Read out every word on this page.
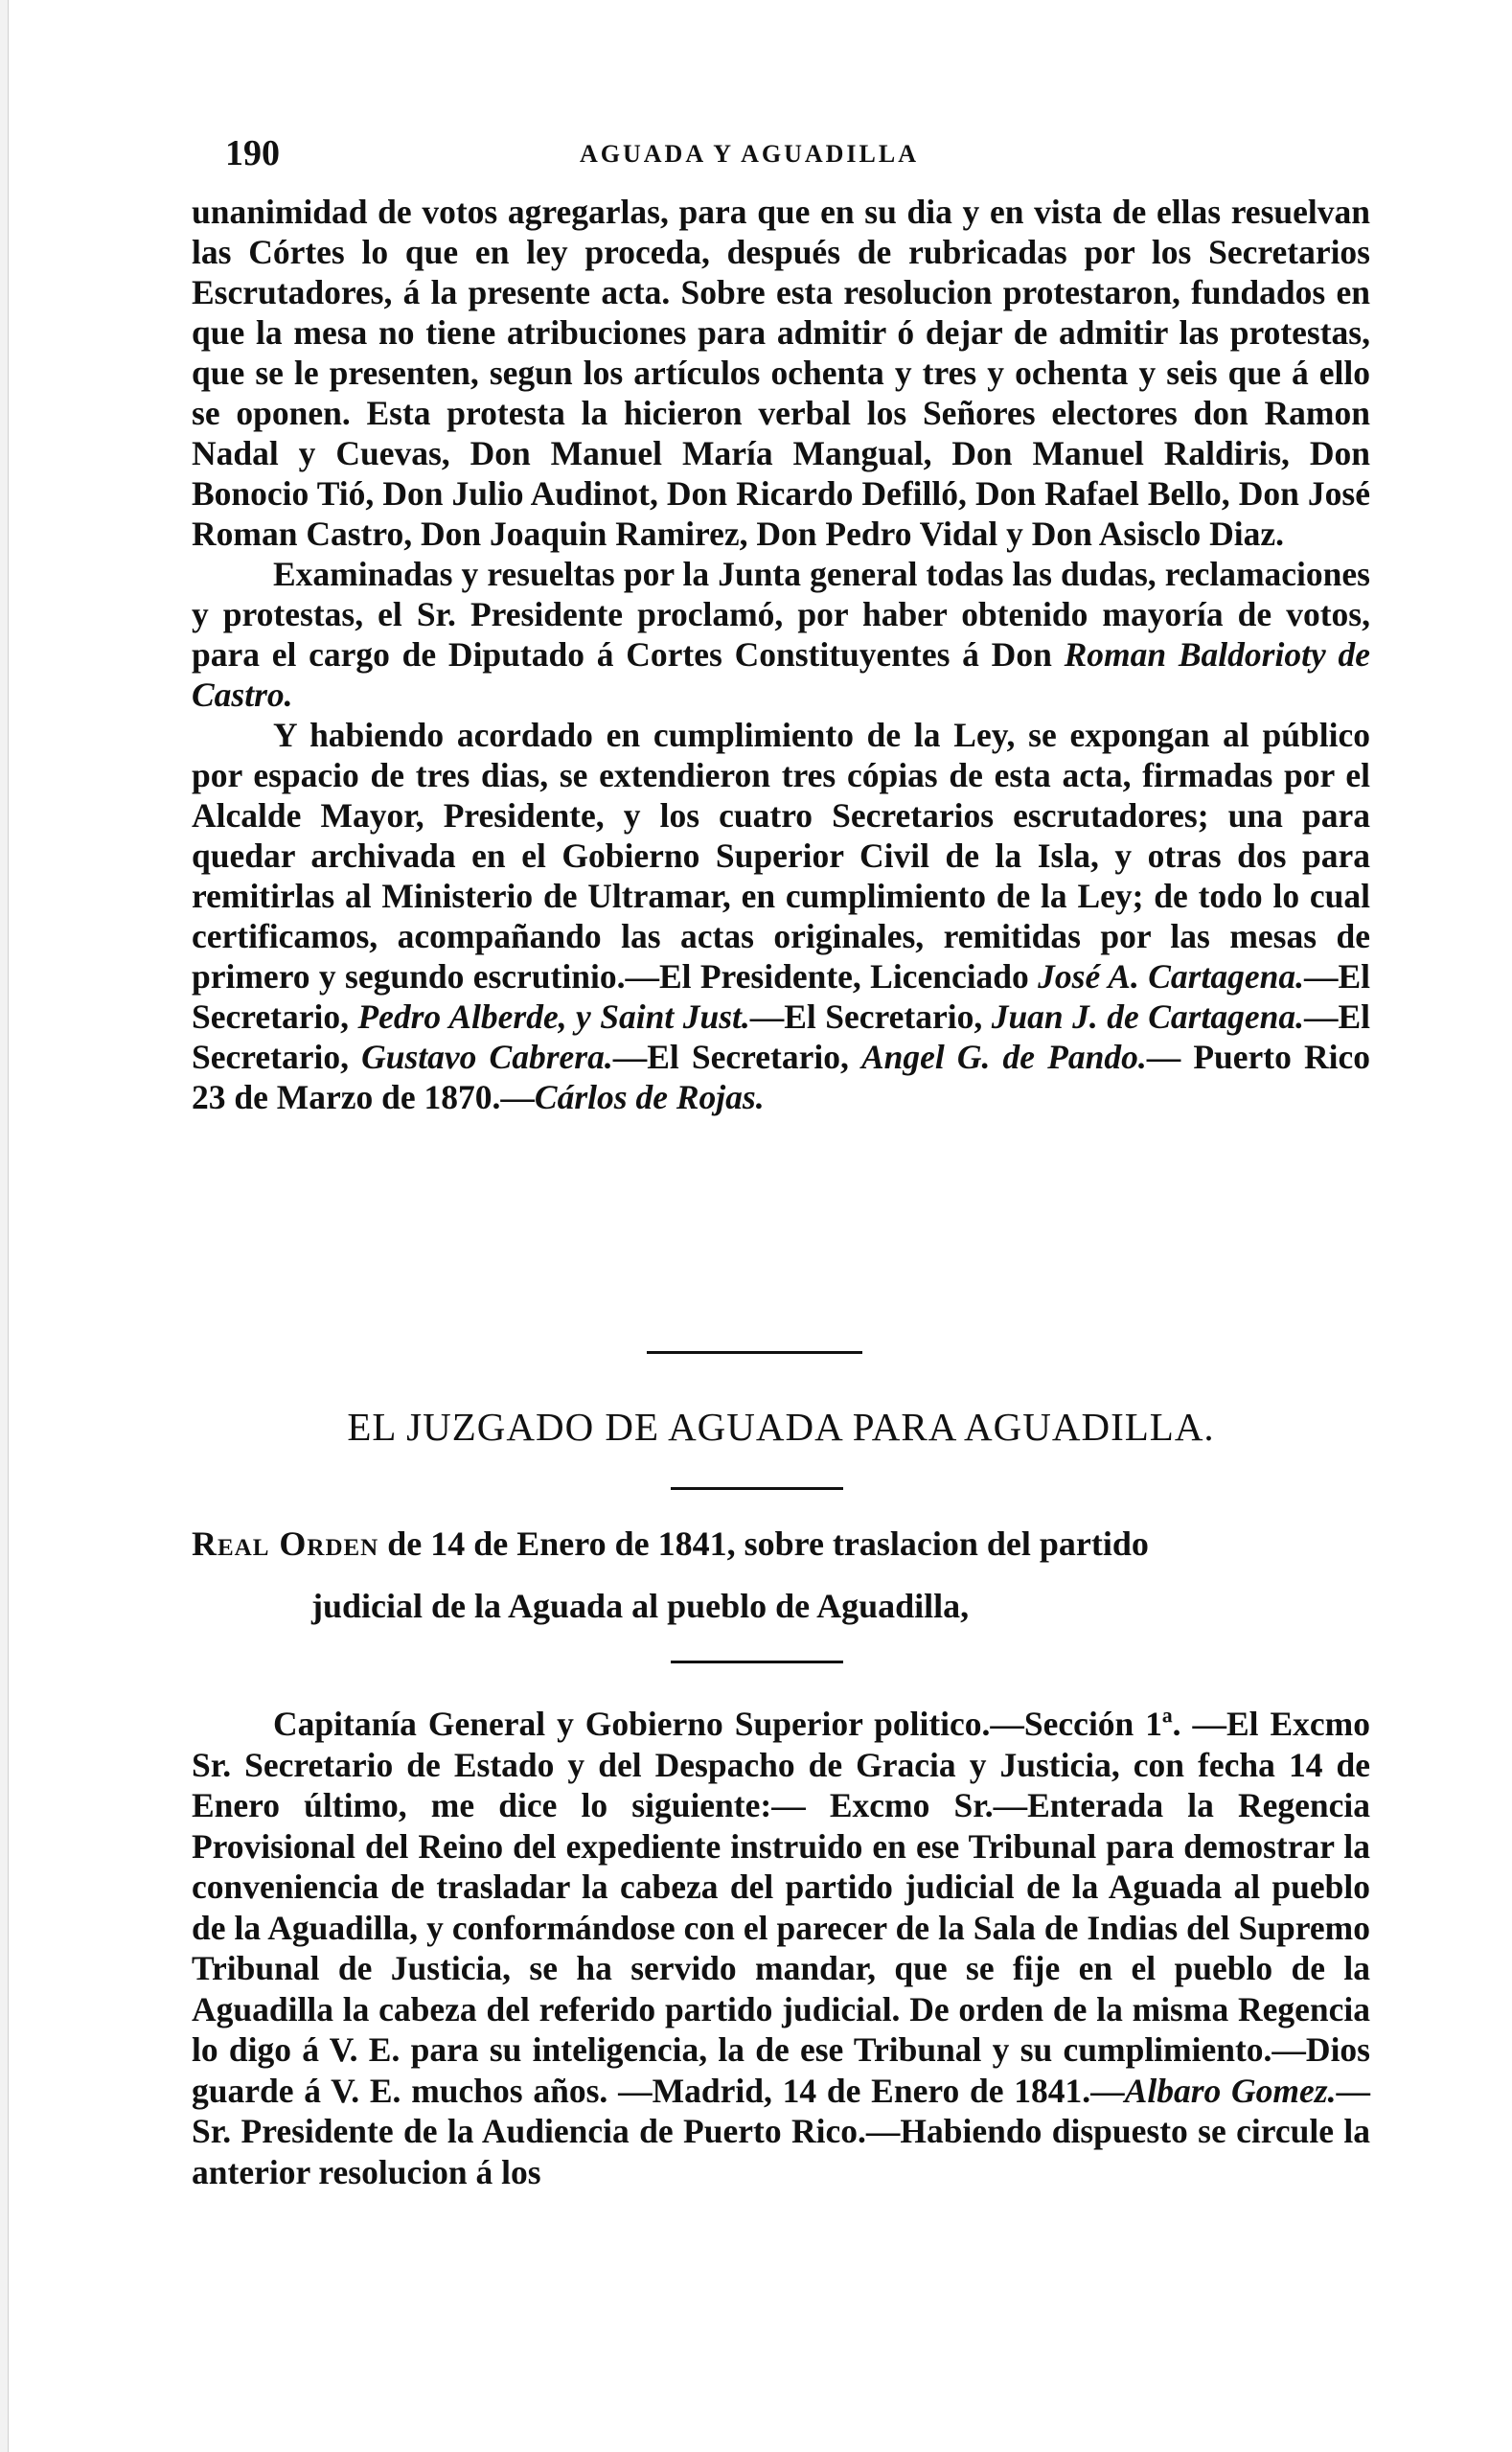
190	AGUADA Y AGUADILLA

unanimidad de votos agregarlas, para que en su dia y en vista de ellas resuelvan las Córtes lo que en ley proceda, después de rubricadas por los Secretarios Escrutadores, á la presente acta. Sobre esta resolucion protestaron, fundados en que la mesa no tiene atribuciones para admitir ó dejar de admitir las protestas, que se le presenten, segun los artículos ochenta y tres y ochenta y seis que á ello se oponen. Esta protesta la hicieron verbal los Señores electores don Ramon Nadal y Cuevas, Don Manuel María Mangual, Don Manuel Raldiris, Don Bonocio Tió, Don Julio Audinot, Don Ricardo Defilló, Don Rafael Bello, Don José Roman Castro, Don Joaquin Ramirez, Don Pedro Vidal y Don Asisclo Diaz.

Examinadas y resueltas por la Junta general todas las dudas, reclamaciones y protestas, el Sr. Presidente proclamó, por haber obtenido mayoría de votos, para el cargo de Diputado á Cortes Constituyentes á Don Roman Baldorioty de Castro.

Y habiendo acordado en cumplimiento de la Ley, se expongan al público por espacio de tres dias, se extendieron tres cópias de esta acta, firmadas por el Alcalde Mayor, Presidente, y los cuatro Secretarios escrutadores; una para quedar archivada en el Gobierno Superior Civil de la Isla, y otras dos para remitirlas al Ministerio de Ultramar, en cumplimiento de la Ley; de todo lo cual certificamos, acompañando las actas originales, remitidas por las mesas de primero y segundo escrutinio.—El Presidente, Licenciado José A. Cartagena.—El Secretario, Pedro Alberde, y Saint Just.—El Secretario, Juan J. de Cartagena.—El Secretario, Gustavo Cabrera.—El Secretario, Angel G. de Pando.— Puerto Rico 23 de Marzo de 1870.—Cárlos de Rojas.

EL JUZGADO DE AGUADA PARA AGUADILLA.
Real Orden de 14 de Enero de 1841, sobre traslacion del partido
judicial de la Aguada al pueblo de Aguadilla,

Capitanía General y Gobierno Superior politico.—Sección 1ª. —El Excmo Sr. Secretario de Estado y del Despacho de Gracia y Justicia, con fecha 14 de Enero último, me dice lo siguiente:— Excmo Sr.—Enterada la Regencia Provisional del Reino del expediente instruido en ese Tribunal para demostrar la conveniencia de trasladar la cabeza del partido judicial de la Aguada al pueblo de la Aguadilla, y conformándose con el parecer de la Sala de Indias del Supremo Tribunal de Justicia, se ha servido mandar, que se fije en el pueblo de la Aguadilla la cabeza del referido partido judicial. De orden de la misma Regencia lo digo á V. E. para su inteligencia, la de ese Tribunal y su cumplimiento.—Dios guarde á V. E. muchos años. —Madrid, 14 de Enero de 1841.—Albaro Gomez.—Sr. Presidente de la Audiencia de Puerto Rico.—Habiendo dispuesto se circule la anterior resolucion á los
